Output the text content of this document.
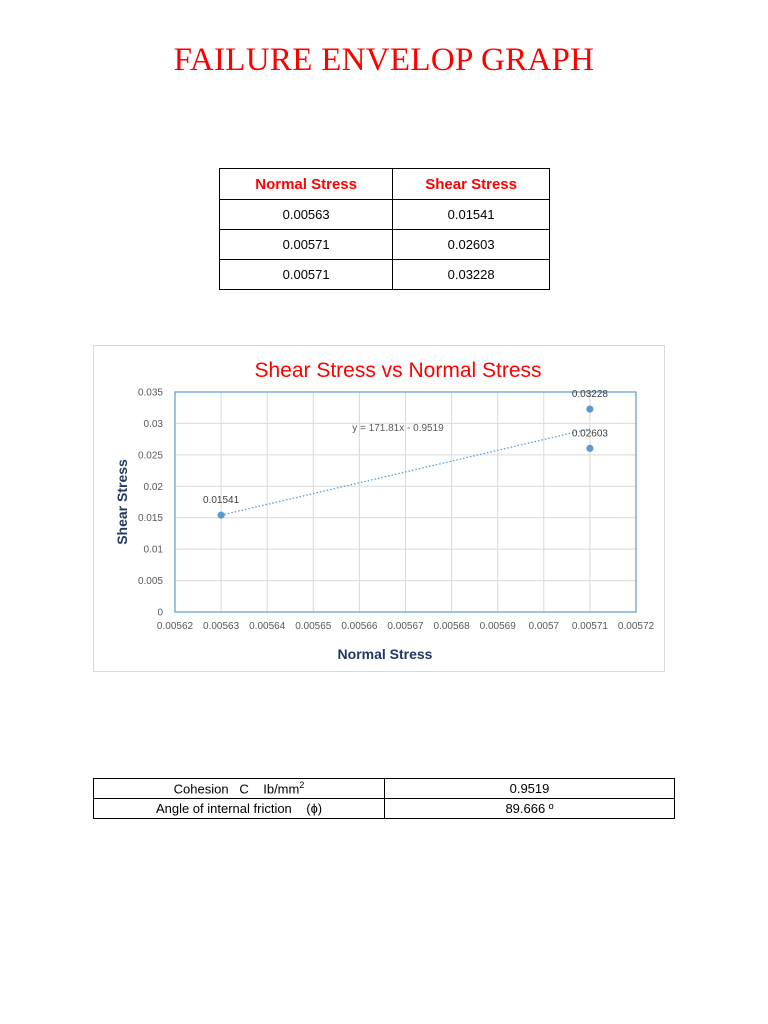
FAILURE ENVELOP GRAPH
Normal Stress	Shear Stress
0.00563	0.01541
0.00571	0.02603
0.00571	0.03228
Shear Stress vs Normal Stress
0
0.005
0.01
0.015
0.02
0.025
0.03
0.035
0.00562 0.00563 0.00564 0.00565 0.00566 0.00567 0.00568 0.00569 0.0057 0.00571 0.00572
y = 171.81x - 0.9519
0.01541
0.02603
0.03228
Normal Stress
Shear Stress
Cohesion   C    $Ib/mm^2$	0.9519
Angle of internal friction    (ɸ)	89.666 º
